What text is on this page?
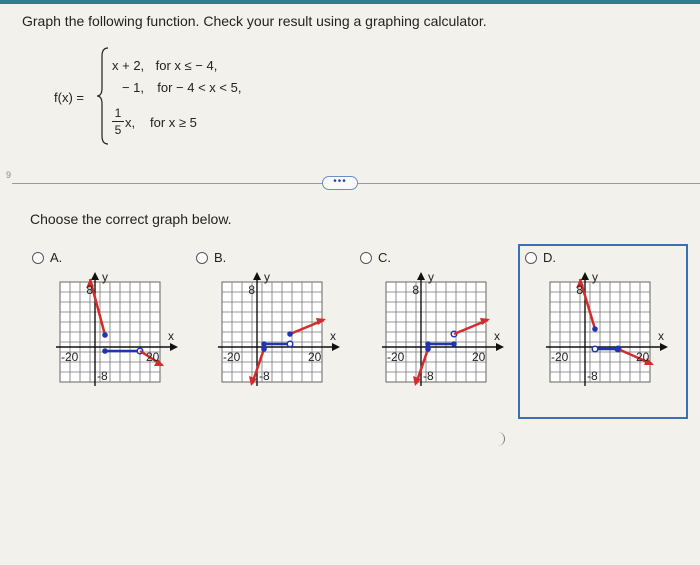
Graph the following function. Check your result using a graphing calculator.
f(x) =
x + 2, for x ≤ − 4,
− 1, for − 4 < x < 5,
1
5 x, for x ≥ 5
9
•••
Choose the correct graph below.
A.	B.	C.	D.
y
x
8
-8
-20	20
y
x
8
-8
-20	20
y
x
8
-8
-20	20
y
x
8
-8
-20	20
